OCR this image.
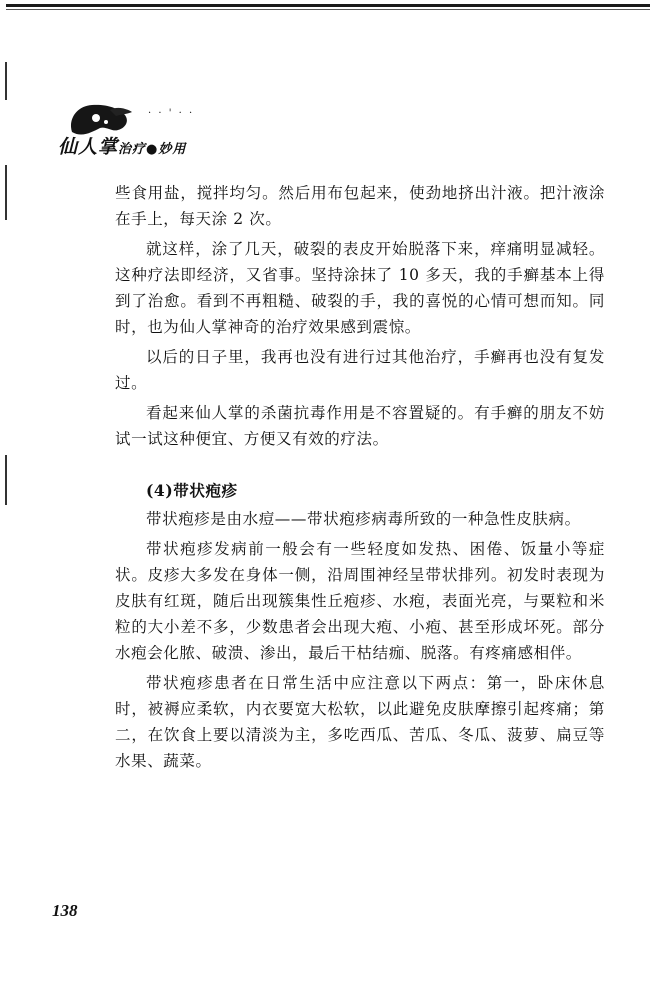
· · ' · ·
仙人掌治疗●妙用

些食用盐，搅拌均匀。然后用布包起来，使劲地挤出汁液。把汁液涂在手上，每天涂 2 次。

就这样，涂了几天，破裂的表皮开始脱落下来，痒痛明显减轻。这种疗法即经济，又省事。坚持涂抹了 10 多天，我的手癣基本上得到了治愈。看到不再粗糙、破裂的手，我的喜悦的心情可想而知。同时，也为仙人掌神奇的治疗效果感到震惊。

以后的日子里，我再也没有进行过其他治疗，手癣再也没有复发过。

看起来仙人掌的杀菌抗毒作用是不容置疑的。有手癣的朋友不妨试一试这种便宜、方便又有效的疗法。

(4)带状疱疹

带状疱疹是由水痘——带状疱疹病毒所致的一种急性皮肤病。

带状疱疹发病前一般会有一些轻度如发热、困倦、饭量小等症状。皮疹大多发在身体一侧，沿周围神经呈带状排列。初发时表现为皮肤有红斑，随后出现簇集性丘疱疹、水疱，表面光亮，与粟粒和米粒的大小差不多，少数患者会出现大疱、小疱、甚至形成坏死。部分水疱会化脓、破溃、渗出，最后干枯结痂、脱落。有疼痛感相伴。

带状疱疹患者在日常生活中应注意以下两点：第一，卧床休息时，被褥应柔软，内衣要宽大松软，以此避免皮肤摩擦引起疼痛；第二，在饮食上要以清淡为主，多吃西瓜、苦瓜、冬瓜、菠萝、扁豆等水果、蔬菜。

138
